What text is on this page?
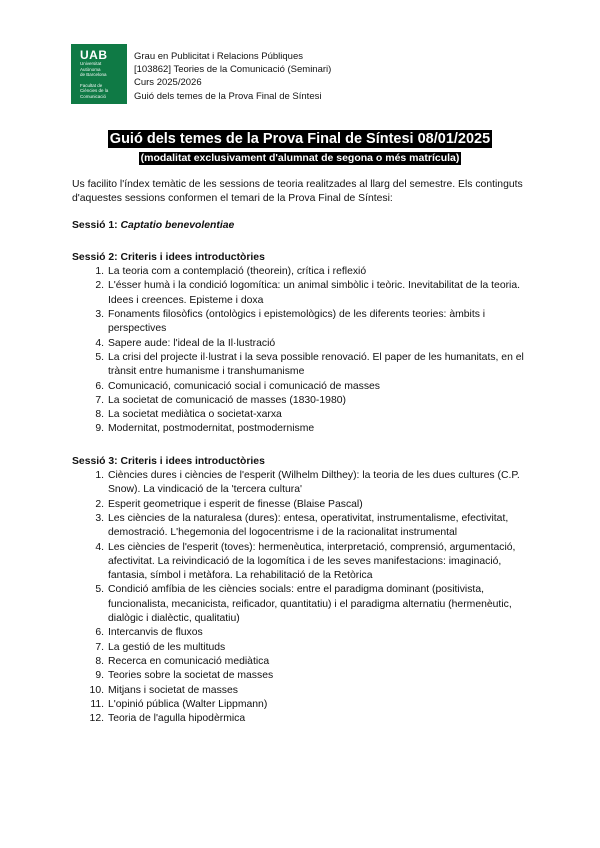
UAB
Universitat
Autònoma
de Barcelona
Facultat de
Ciències de la
Comunicació
Grau en Publicitat i Relacions Públiques
[103862] Teories de la Comunicació (Seminari)
Curs 2025/2026
Guió dels temes de la Prova Final de Síntesi
Guió dels temes de la Prova Final de Síntesi 08/01/2025
(modalitat exclusivament d'alumnat de segona o més matrícula)

Us facilito l'índex temàtic de les sessions de teoria realitzades al llarg del semestre. Els continguts d'aquestes sessions conformen el temari de la Prova Final de Síntesi:

Sessió 1: Captatio benevolentiae
Sessió 2: Criteris i idees introductòries
1. La teoria com a contemplació (theorein), crítica i reflexió
2. L'ésser humà i la condició logomítica: un animal simbòlic i teòric. Inevitabilitat de la teoria. Idees i creences. Episteme i doxa
3. Fonaments filosòfics (ontològics i epistemològics) de les diferents teories: àmbits i perspectives
4. Sapere aude: l'ideal de la Il·lustració
5. La crisi del projecte il·lustrat i la seva possible renovació. El paper de les humanitats, en el trànsit entre humanisme i transhumanisme
6. Comunicació, comunicació social i comunicació de masses
7. La societat de comunicació de masses (1830-1980)
8. La societat mediàtica o societat-xarxa
9. Modernitat, postmodernitat, postmodernisme
Sessió 3: Criteris i idees introductòries
1. Ciències dures i ciències de l'esperit (Wilhelm Dilthey): la teoria de les dues cultures (C.P. Snow). La vindicació de la 'tercera cultura'
2. Esperit geometrique i esperit de finesse (Blaise Pascal)
3. Les ciències de la naturalesa (dures): entesa, operativitat, instrumentalisme, efectivitat, demostració. L'hegemonia del logocentrisme i de la racionalitat instrumental
4. Les ciències de l'esperit (toves): hermenèutica, interpretació, comprensió, argumentació, afectivitat. La reivindicació de la logomítica i de les seves manifestacions: imaginació, fantasia, símbol i metàfora. La rehabilitació de la Retòrica
5. Condició amfíbia de les ciències socials: entre el paradigma dominant (positivista, funcionalista, mecanicista, reificador, quantitatiu) i el paradigma alternatiu (hermenèutic, dialògic i dialèctic, qualitatiu)
6. Intercanvis de fluxos
7. La gestió de les multituds
8. Recerca en comunicació mediàtica
9. Teories sobre la societat de masses
10. Mitjans i societat de masses
11. L'opinió pública (Walter Lippmann)
12. Teoria de l'agulla hipodèrmica
